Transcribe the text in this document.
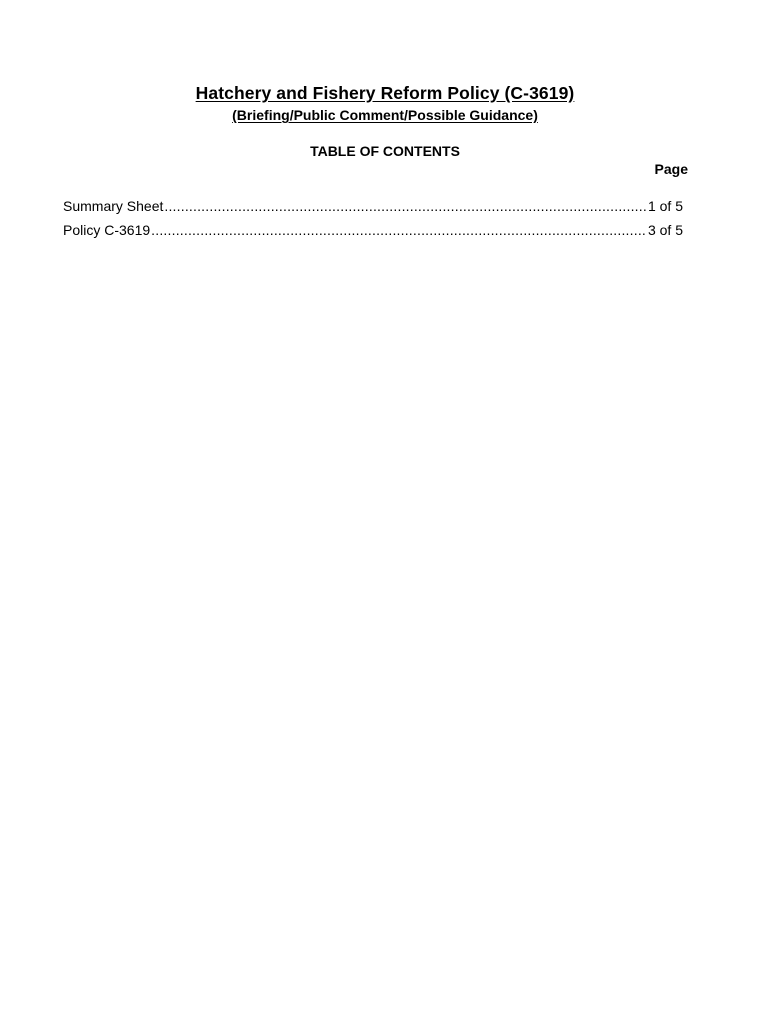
Hatchery and Fishery Reform Policy (C-3619)
(Briefing/Public Comment/Possible Guidance)
TABLE OF CONTENTS
Page
Summary Sheet .....	1 of 5
Policy C-3619 .....	3 of 5
